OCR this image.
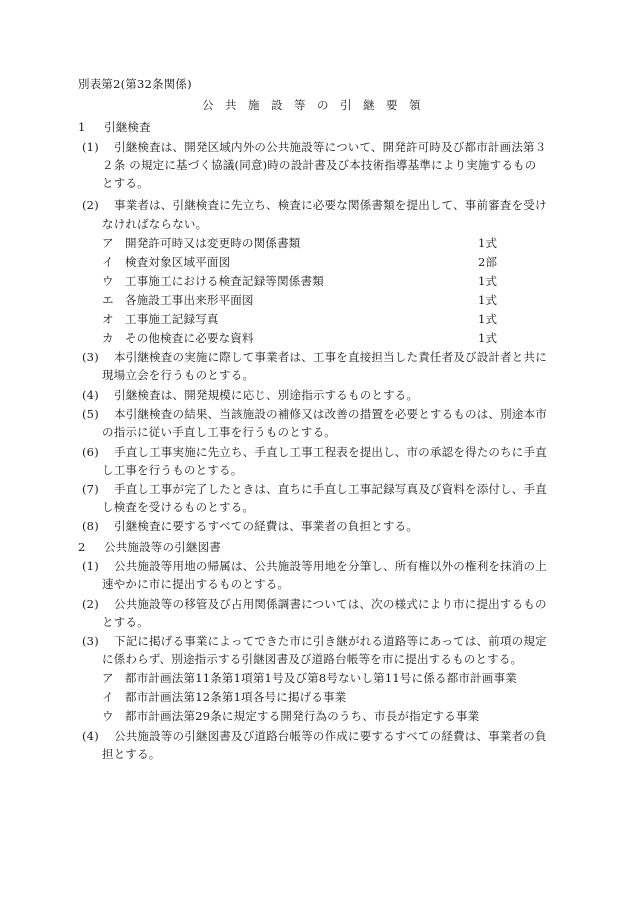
別表第2(第32条関係)
公　共　施　設　等　の　引　継　要　領
1 引継検査
(1) 引継検査は、開発区域内外の公共施設等について、開発許可時及び都市計画法第３
２条 の規定に基づく協議(同意)時の設計書及び本技術指導基準により実施するもの
とする。
(2) 事業者は、引継検査に先立ち、検査に必要な関係書類を提出して、事前審査を受け
なければならない。
ア 開発許可時又は変更時の関係書類	1式
イ 検査対象区域平面図	2部
ウ 工事施工における検査記録等関係書類	1式
エ 各施設工事出来形平面図	1式
オ 工事施工記録写真	1式
カ その他検査に必要な資料	1式
(3) 本引継検査の実施に際して事業者は、工事を直接担当した責任者及び設計者と共に
現場立会を行うものとする。
(4) 引継検査は、開発規模に応じ、別途指示するものとする。
(5) 本引継検査の結果、当該施設の補修又は改善の措置を必要とするものは、別途本市
の指示に従い手直し工事を行うものとする。
(6) 手直し工事実施に先立ち、手直し工事工程表を提出し、市の承認を得たのちに手直
し工事を行うものとする。
(7) 手直し工事が完了したときは、直ちに手直し工事記録写真及び資料を添付し、手直
し検査を受けるものとする。
(8) 引継検査に要するすべての経費は、事業者の負担とする。
2 公共施設等の引継図書
(1) 公共施設等用地の帰属は、公共施設等用地を分筆し、所有権以外の権利を抹消の上
速やかに市に提出するものとする。
(2) 公共施設等の移管及び占用関係調書については、次の様式により市に提出するもの
とする。
(3) 下記に掲げる事業によってできた市に引き継がれる道路等にあっては、前項の規定
に係わらず、別途指示する引継図書及び道路台帳等を市に提出するものとする。
ア 都市計画法第11条第1項第1号及び第8号ないし第11号に係る都市計画事業
イ 都市計画法第12条第1項各号に掲げる事業
ウ 都市計画法第29条に規定する開発行為のうち、市長が指定する事業
(4) 公共施設等の引継図書及び道路台帳等の作成に要するすべての経費は、事業者の負
担とする。
